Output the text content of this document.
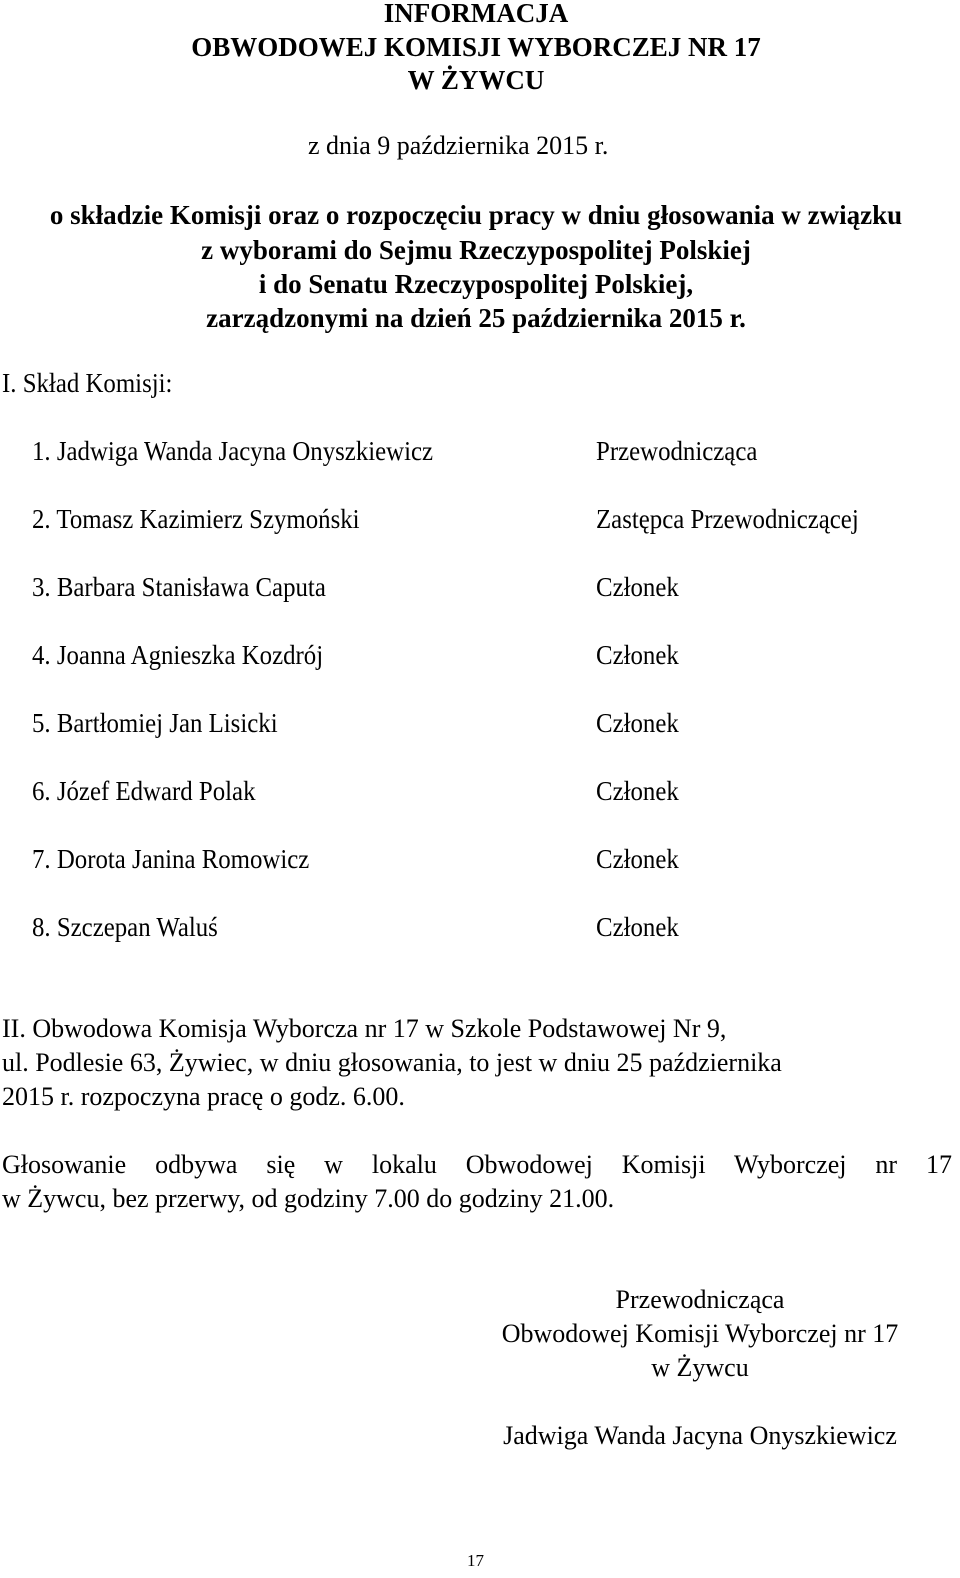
INFORMACJA
OBWODOWEJ KOMISJI WYBORCZEJ NR 17
W ŻYWCU
z dnia 9 października 2015 r.
o składzie Komisji oraz o rozpoczęciu pracy w dniu głosowania w związku
z wyborami do Sejmu Rzeczypospolitej Polskiej
i do Senatu Rzeczypospolitej Polskiej,
zarządzonymi na dzień 25 października 2015 r.
I. Skład Komisji:
1. Jadwiga Wanda Jacyna Onyszkiewicz	Przewodnicząca
2. Tomasz Kazimierz Szymoński	Zastępca Przewodniczącej
3. Barbara Stanisława Caputa	Członek
4. Joanna Agnieszka Kozdrój	Członek
5. Bartłomiej Jan Lisicki	Członek
6. Józef Edward Polak	Członek
7. Dorota Janina Romowicz	Członek
8. Szczepan Waluś	Członek
II. Obwodowa Komisja Wyborcza nr 17 w Szkole Podstawowej Nr 9,
ul. Podlesie 63, Żywiec, w dniu głosowania, to jest w dniu 25 października
2015 r. rozpoczyna pracę o godz. 6.00.
Głosowanie odbywa się w lokalu Obwodowej Komisji Wyborczej nr 17
w Żywcu, bez przerwy, od godziny 7.00 do godziny 21.00.
Przewodnicząca
Obwodowej Komisji Wyborczej nr 17
w Żywcu
Jadwiga Wanda Jacyna Onyszkiewicz
17
